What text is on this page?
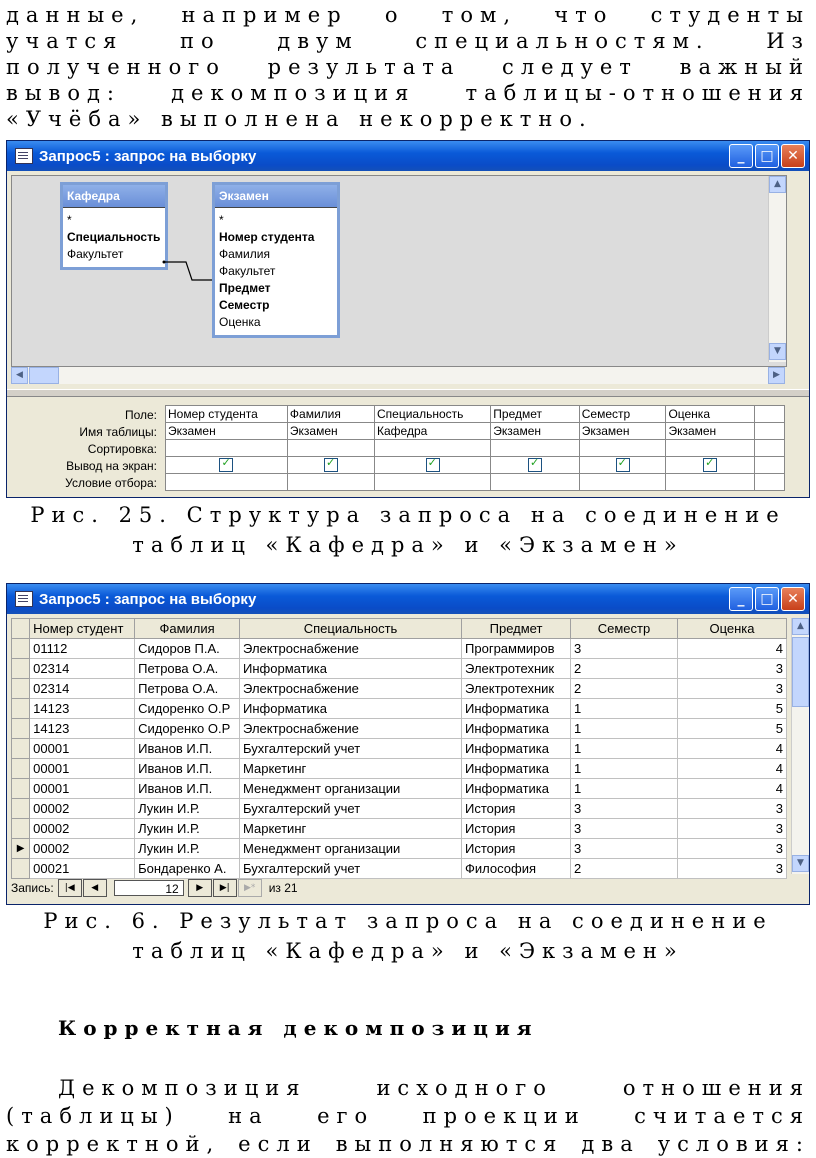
данные, например о том, что студенты
учатся по двум специальностям. Из
полученного результата следует важный
вывод: декомпозиция таблицы-отношения
«Учёба» выполнена некорректно.
Запрос5 : запрос на выборку	_	□ ✕
Кафедра
*
Специальность
Факультет
Экзамен
*
Номер студента
Фамилия
Факультет
Предмет
Семестр
Оценка
▲
▼
◀	▶
Поле:
Имя таблицы:
Сортировка:
Вывод на экран:
Условие отбора:
Номер студента	Фамилия	Специальность	Предмет	Семестр	Оценка	
Экзамен	Экзамен	Кафедра	Экзамен	Экзамен	Экзамен	

✓	✓	✓	✓	✓	✓	

Рис. 25. Структура запроса на соединение
таблиц «Кафедра» и «Экзамен»
Запрос5 : запрос на выборку	_	□ ✕
	Номер студент	Фамилия	Специальность	Предмет	Семестр	Оценка
	01112	Сидоров П.А.	Электроснабжение	Программиров	3	4
	02314	Петрова О.А.	Информатика	Электротехник	2	3
	02314	Петрова О.А.	Электроснабжение	Электротехник	2	3
	14123	Сидоренко О.Р	Информатика	Информатика	1	5
	14123	Сидоренко О.Р	Электроснабжение	Информатика	1	5
	00001	Иванов И.П.	Бухгалтерский учет	Информатика	1	4
	00001	Иванов И.П.	Маркетинг	Информатика	1	4
	00001	Иванов И.П.	Менеджмент организации	Информатика	1	4
	00002	Лукин И.Р.	Бухгалтерский учет	История	3	3
	00002	Лукин И.Р.	Маркетинг	История	3	3
▶	00002	Лукин И.Р.	Менеджмент организации	История	3	3
	00021	Бондаренко А.	Бухгалтерский учет	Философия	2	3
▲
▼
Запись:	|◀	◀	12	▶	▶|	▶*	из 21
Рис. 6. Результат запроса на соединение
таблиц «Кафедра» и «Экзамен»
Корректная декомпозиция
Декомпозиция исходного отношения
(таблицы) на его проекции считается
корректной, если выполняются два условия:
